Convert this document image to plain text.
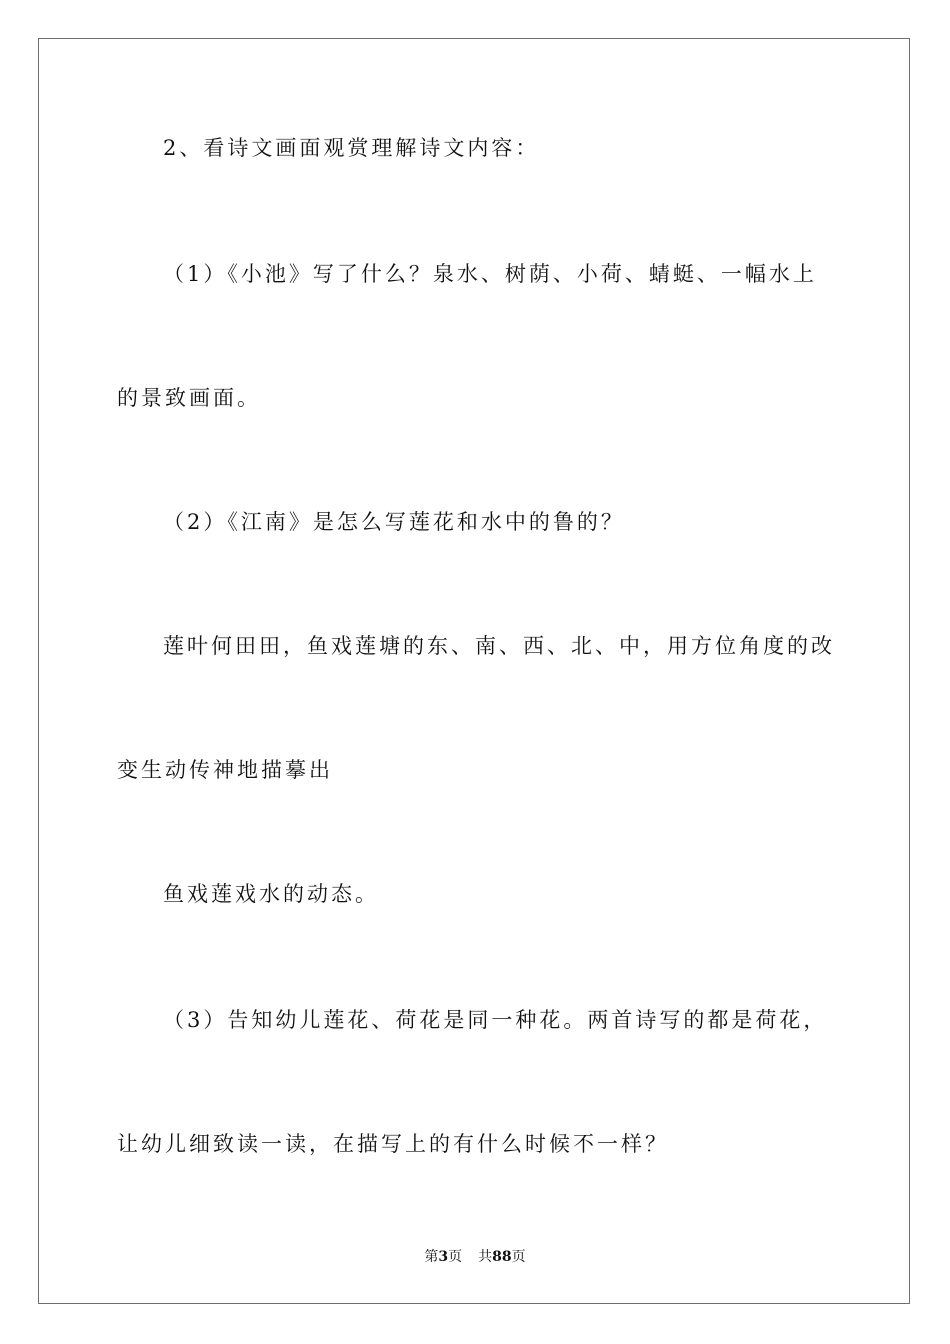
2、看诗文画面观赏理解诗文内容：

（1）《小池》写了什么？泉水、树荫、小荷、蜻蜓、一幅水上

的景致画面。

（2）《江南》是怎么写莲花和水中的鲁的？

莲叶何田田，鱼戏莲塘的东、南、西、北、中，用方位角度的改

变生动传神地描摹出

鱼戏莲戏水的动态。

（3）告知幼儿莲花、荷花是同一种花。两首诗写的都是荷花，

让幼儿细致读一读，在描写上的有什么时候不一样？

第3页 共88页
